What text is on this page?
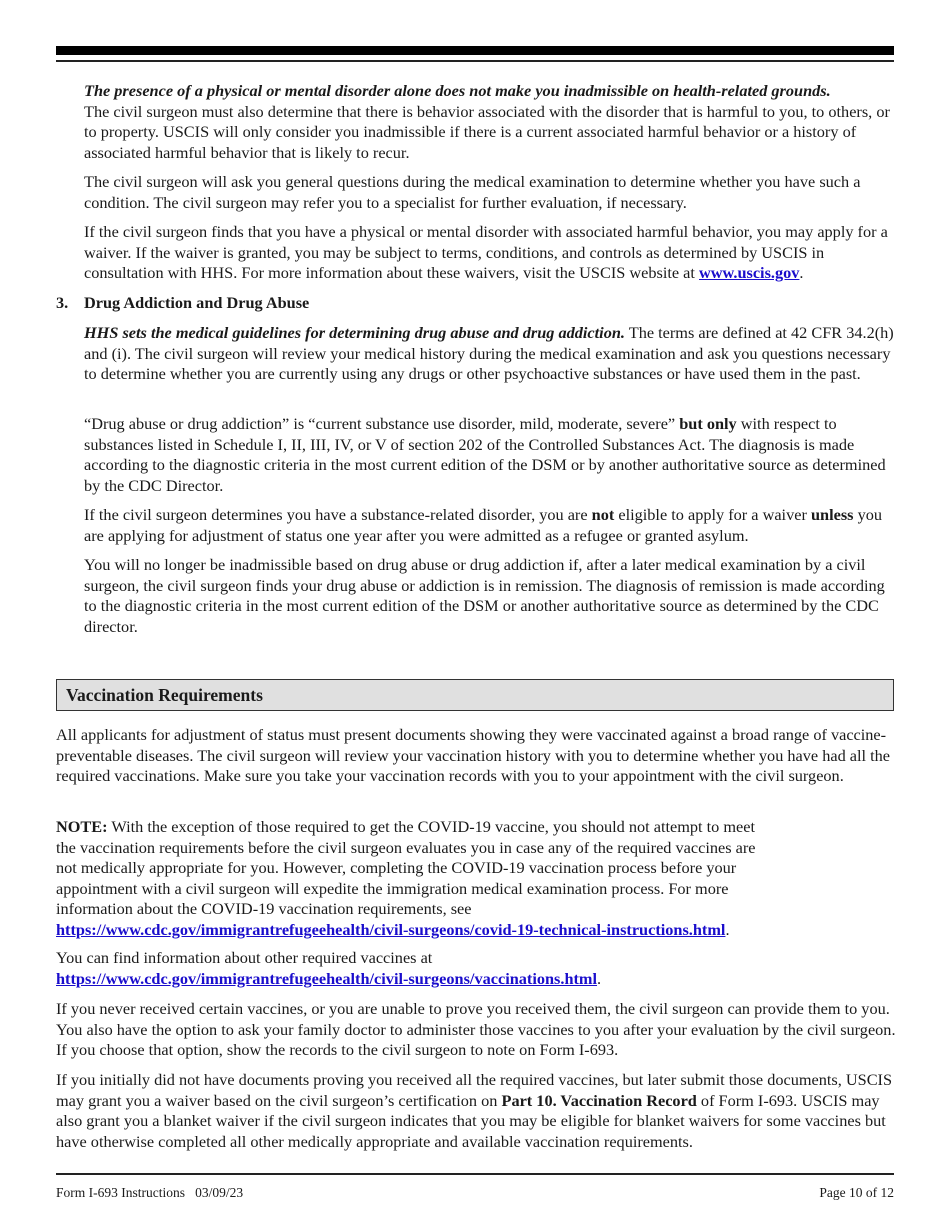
The presence of a physical or mental disorder alone does not make you inadmissible on health-related grounds.
The civil surgeon must also determine that there is behavior associated with the disorder that is harmful to you, to others, or to property. USCIS will only consider you inadmissible if there is a current associated harmful behavior or a history of associated harmful behavior that is likely to recur.

The civil surgeon will ask you general questions during the medical examination to determine whether you have such a condition. The civil surgeon may refer you to a specialist for further evaluation, if necessary.

If the civil surgeon finds that you have a physical or mental disorder with associated harmful behavior, you may apply for a waiver. If the waiver is granted, you may be subject to terms, conditions, and controls as determined by USCIS in consultation with HHS. For more information about these waivers, visit the USCIS website at www.uscis.gov.

3. Drug Addiction and Drug Abuse

HHS sets the medical guidelines for determining drug abuse and drug addiction. The terms are defined at 42 CFR 34.2(h) and (i). The civil surgeon will review your medical history during the medical examination and ask you questions necessary to determine whether you are currently using any drugs or other psychoactive substances or have used them in the past.

“Drug abuse or drug addiction” is “current substance use disorder, mild, moderate, severe” but only with respect to substances listed in Schedule I, II, III, IV, or V of section 202 of the Controlled Substances Act. The diagnosis is made according to the diagnostic criteria in the most current edition of the DSM or by another authoritative source as determined by the CDC Director.

If the civil surgeon determines you have a substance-related disorder, you are not eligible to apply for a waiver unless you are applying for adjustment of status one year after you were admitted as a refugee or granted asylum.

You will no longer be inadmissible based on drug abuse or drug addiction if, after a later medical examination by a civil surgeon, the civil surgeon finds your drug abuse or addiction is in remission. The diagnosis of remission is made according to the diagnostic criteria in the most current edition of the DSM or another authoritative source as determined by the CDC director.

Vaccination Requirements

All applicants for adjustment of status must present documents showing they were vaccinated against a broad range of vaccine-preventable diseases. The civil surgeon will review your vaccination history with you to determine whether you have had all the required vaccinations. Make sure you take your vaccination records with you to your appointment with the civil surgeon.

NOTE: With the exception of those required to get the COVID-19 vaccine, you should not attempt to meet the vaccination requirements before the civil surgeon evaluates you in case any of the required vaccines are not medically appropriate for you. However, completing the COVID-19 vaccination process before your appointment with a civil surgeon will expedite the immigration medical examination process. For more information about the COVID-19 vaccination requirements, see https://www.cdc.gov/immigrantrefugeehealth/civil-surgeons/covid-19-technical-instructions.html.

You can find information about other required vaccines at https://www.cdc.gov/immigrantrefugeehealth/civil-surgeons/vaccinations.html.

If you never received certain vaccines, or you are unable to prove you received them, the civil surgeon can provide them to you. You also have the option to ask your family doctor to administer those vaccines to you after your evaluation by the civil surgeon. If you choose that option, show the records to the civil surgeon to note on Form I-693.

If you initially did not have documents proving you received all the required vaccines, but later submit those documents, USCIS may grant you a waiver based on the civil surgeon’s certification on Part 10. Vaccination Record of Form I-693. USCIS may also grant you a blanket waiver if the civil surgeon indicates that you may be eligible for blanket waivers for some vaccines but have otherwise completed all other medically appropriate and available vaccination requirements.

Form I-693 Instructions   03/09/23	Page 10 of 12
